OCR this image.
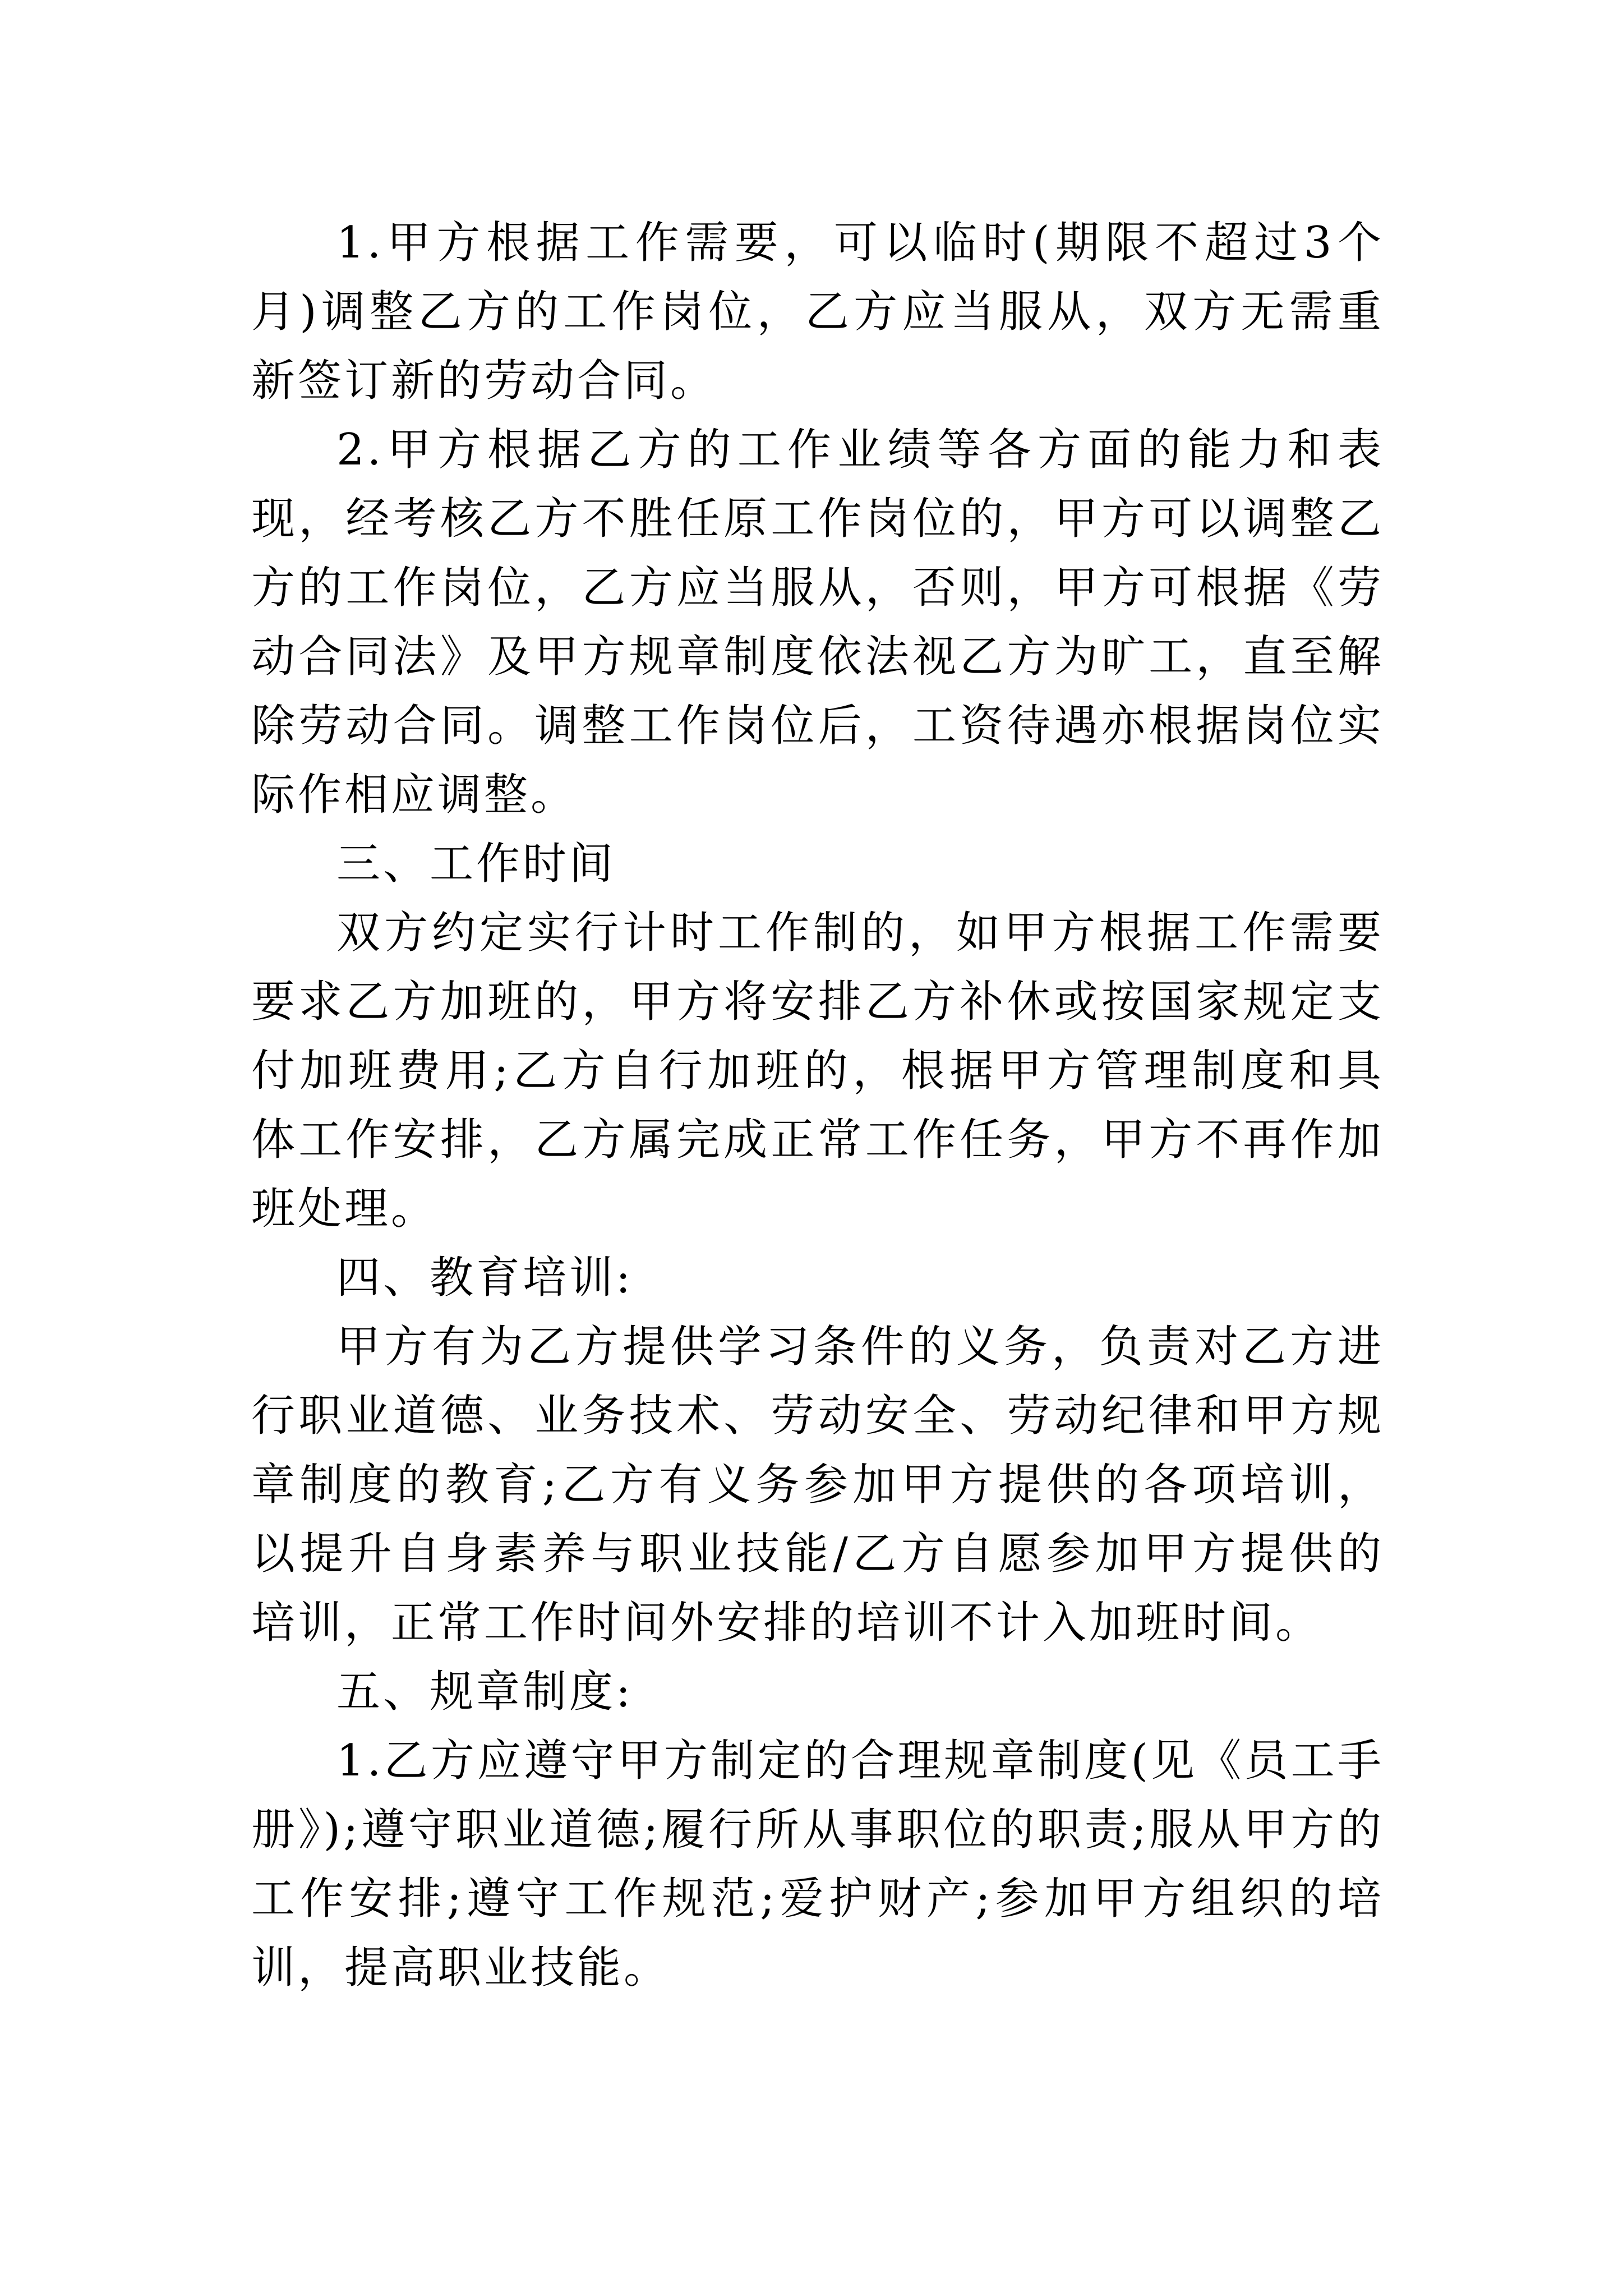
1.甲方根据工作需要，可以临时(期限不超过3个月)调整乙方的工作岗位，乙方应当服从，双方无需重新签订新的劳动合同。

2.甲方根据乙方的工作业绩等各方面的能力和表现，经考核乙方不胜任原工作岗位的，甲方可以调整乙方的工作岗位，乙方应当服从，否则，甲方可根据《劳动合同法》及甲方规章制度依法视乙方为旷工，直至解除劳动合同。调整工作岗位后，工资待遇亦根据岗位实际作相应调整。

三、工作时间

双方约定实行计时工作制的，如甲方根据工作需要要求乙方加班的，甲方将安排乙方补休或按国家规定支付加班费用;乙方自行加班的，根据甲方管理制度和具体工作安排，乙方属完成正常工作任务，甲方不再作加班处理。

四、教育培训:

甲方有为乙方提供学习条件的义务，负责对乙方进行职业道德、业务技术、劳动安全、劳动纪律和甲方规章制度的教育;乙方有义务参加甲方提供的各项培训，以提升自身素养与职业技能/乙方自愿参加甲方提供的培训，正常工作时间外安排的培训不计入加班时间。

五、规章制度:

1.乙方应遵守甲方制定的合理规章制度(见《员工手册》);遵守职业道德;履行所从事职位的职责;服从甲方的工作安排;遵守工作规范;爱护财产;参加甲方组织的培训，提高职业技能。
